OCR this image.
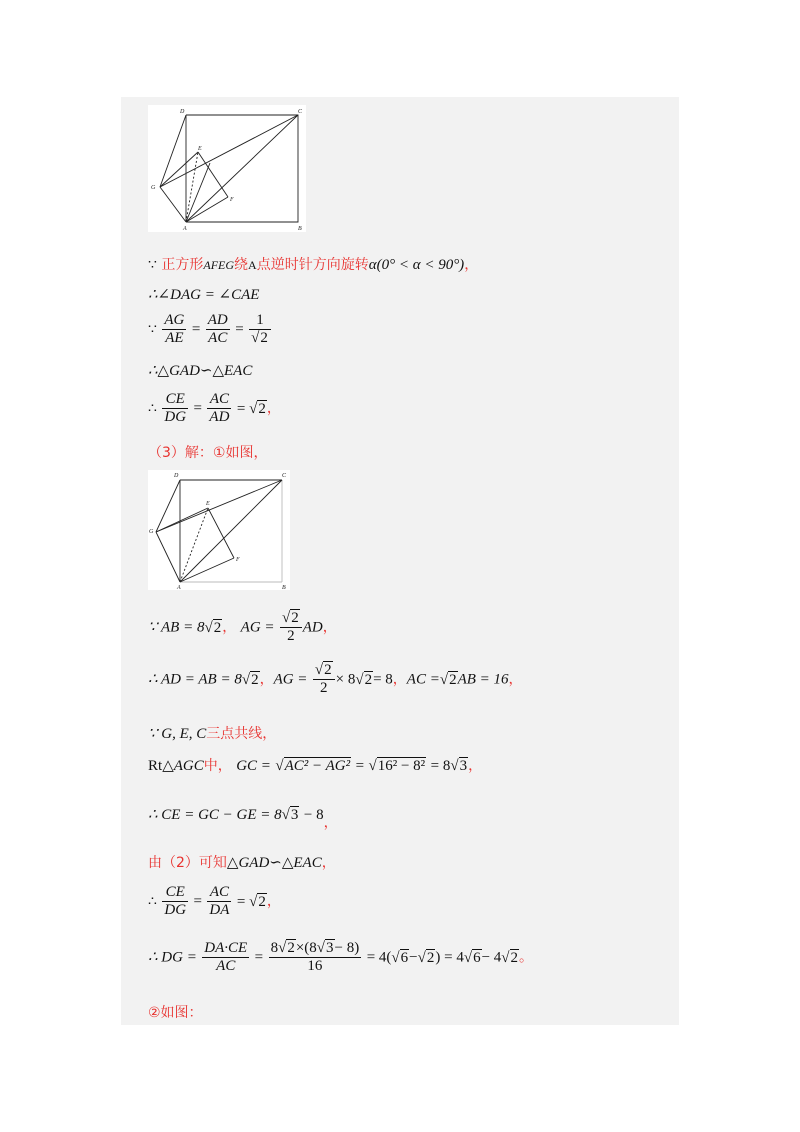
D	C
E
G
F
A	B
∵ 正方形AFEG绕A点逆时针方向旋转α(0° < α < 90°)，
∴∠DAG = ∠CAE
∵ $\frac{AG}{AE} = \frac{AD}{AC} = \frac{1}{√2}$
∴△GAD∽△EAC
∴ $\frac{CE}{DG} = \frac{AC}{AD} = √2$，
（3）解：①如图，
D	C
E
G
F
A	B
∵ AB = 8√2， AG = $\frac{√2}{2}$ AD，
∴ AD = AB = 8√2，AG = $\frac{√2}{2} \times 8√2= 8$，AC =√2AB = 16，
∵ G, E, C三点共线，
Rt△AGC中， GC = √AC² − AG² = √16² − 8² = 8√3，
∴ CE = GC − GE = 8√3 − 8，
由（2）可知△GAD∽△EAC，
∴ $\frac{CE}{DG} = \frac{AC}{DA} = √2$，
∴ DG = $\frac{DA\cdot CE}{AC} = \frac{8√2\times(8√3- 8)}{16} = 4(√6-√2) = 4√6- 4√2$。
②如图：
